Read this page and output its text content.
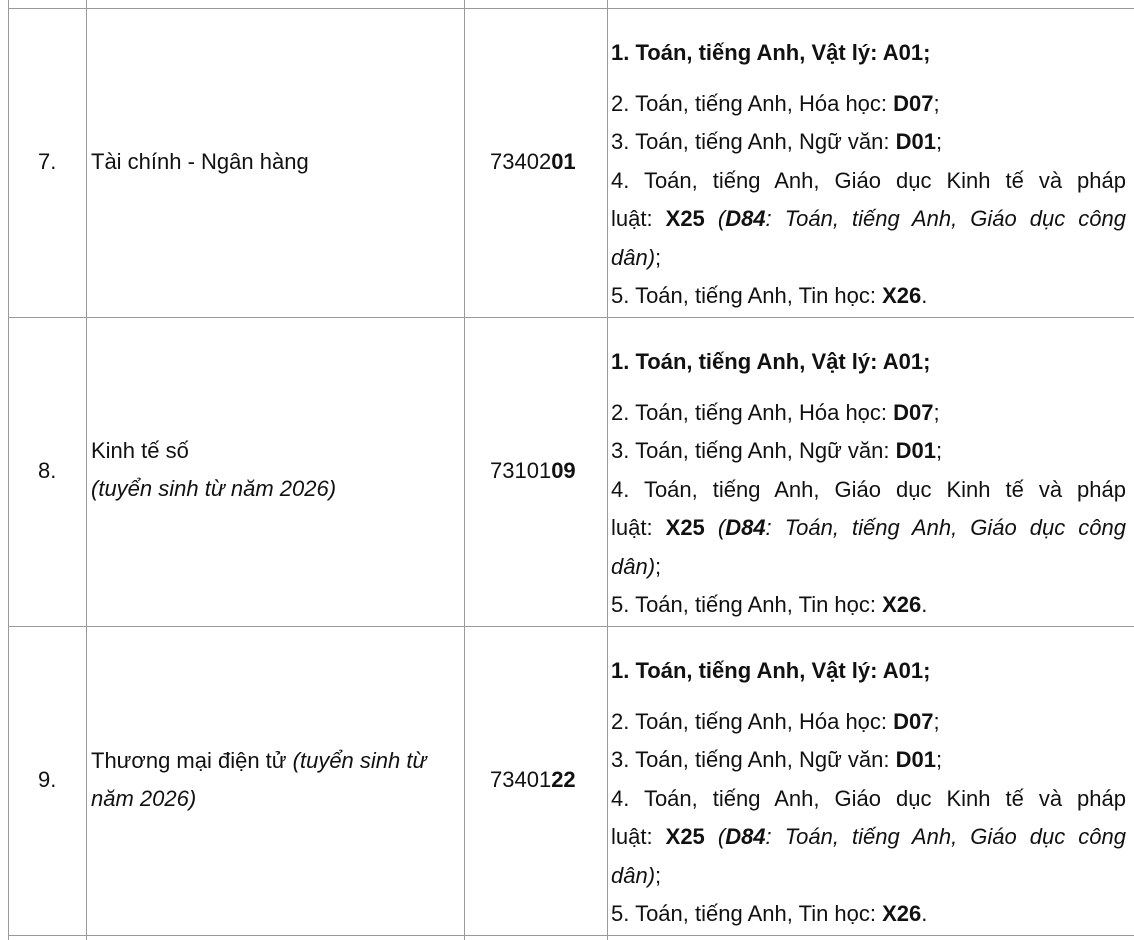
7. Tài chính - Ngân hàng	7340201
1. Toán, tiếng Anh, Vật lý: A01;
2. Toán, tiếng Anh, Hóa học: D07;
3. Toán, tiếng Anh, Ngữ văn: D01;
4. Toán, tiếng Anh, Giáo dục Kinh tế và pháp
luật: X25 (D84: Toán, tiếng Anh, Giáo dục công
dân);
5. Toán, tiếng Anh, Tin học: X26.
8.
Kinh tế số
(tuyển sinh từ năm 2026)
7310109
1. Toán, tiếng Anh, Vật lý: A01;
2. Toán, tiếng Anh, Hóa học: D07;
3. Toán, tiếng Anh, Ngữ văn: D01;
4. Toán, tiếng Anh, Giáo dục Kinh tế và pháp
luật: X25 (D84: Toán, tiếng Anh, Giáo dục công
dân);
5. Toán, tiếng Anh, Tin học: X26.
9.
Thương mại điện tử (tuyển sinh từ năm 2026)
7340122
1. Toán, tiếng Anh, Vật lý: A01;
2. Toán, tiếng Anh, Hóa học: D07;
3. Toán, tiếng Anh, Ngữ văn: D01;
4. Toán, tiếng Anh, Giáo dục Kinh tế và pháp
luật: X25 (D84: Toán, tiếng Anh, Giáo dục công
dân);
5. Toán, tiếng Anh, Tin học: X26.
